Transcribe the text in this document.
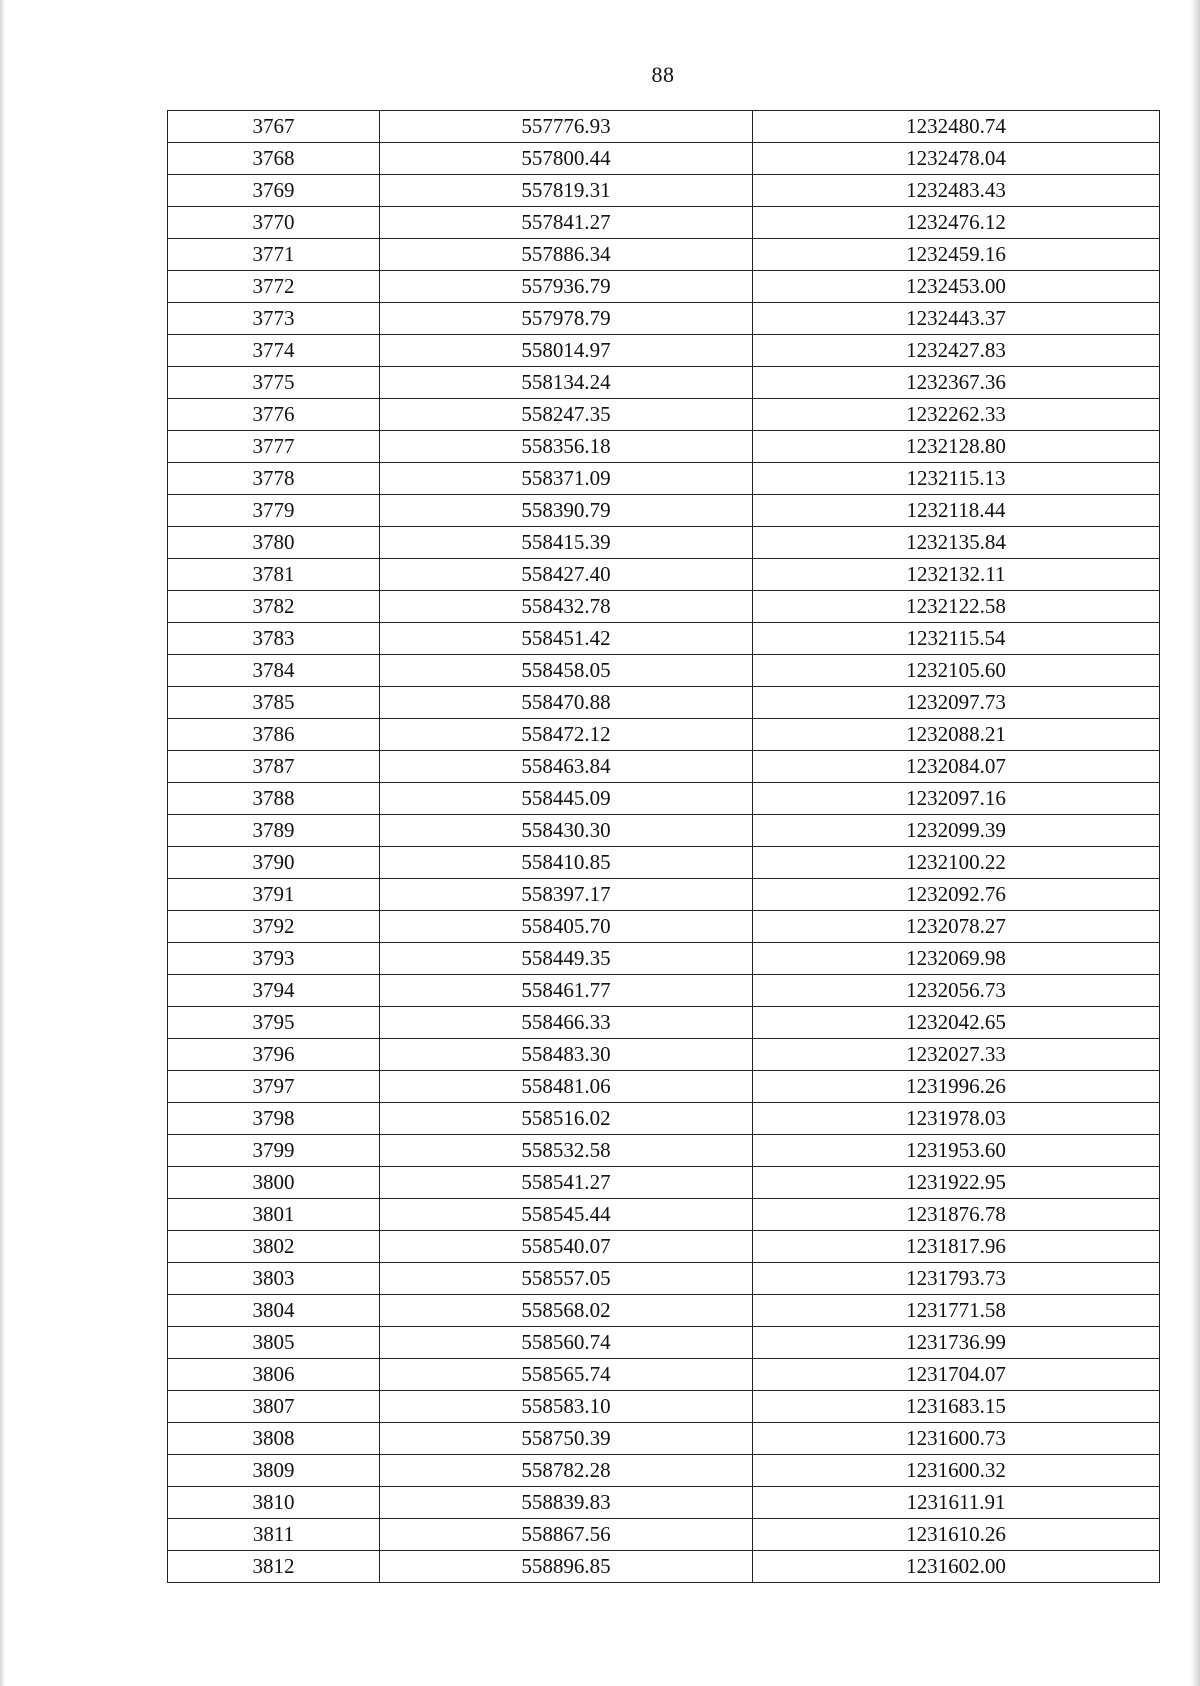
88
3767	557776.93	1232480.74
3768	557800.44	1232478.04
3769	557819.31	1232483.43
3770	557841.27	1232476.12
3771	557886.34	1232459.16
3772	557936.79	1232453.00
3773	557978.79	1232443.37
3774	558014.97	1232427.83
3775	558134.24	1232367.36
3776	558247.35	1232262.33
3777	558356.18	1232128.80
3778	558371.09	1232115.13
3779	558390.79	1232118.44
3780	558415.39	1232135.84
3781	558427.40	1232132.11
3782	558432.78	1232122.58
3783	558451.42	1232115.54
3784	558458.05	1232105.60
3785	558470.88	1232097.73
3786	558472.12	1232088.21
3787	558463.84	1232084.07
3788	558445.09	1232097.16
3789	558430.30	1232099.39
3790	558410.85	1232100.22
3791	558397.17	1232092.76
3792	558405.70	1232078.27
3793	558449.35	1232069.98
3794	558461.77	1232056.73
3795	558466.33	1232042.65
3796	558483.30	1232027.33
3797	558481.06	1231996.26
3798	558516.02	1231978.03
3799	558532.58	1231953.60
3800	558541.27	1231922.95
3801	558545.44	1231876.78
3802	558540.07	1231817.96
3803	558557.05	1231793.73
3804	558568.02	1231771.58
3805	558560.74	1231736.99
3806	558565.74	1231704.07
3807	558583.10	1231683.15
3808	558750.39	1231600.73
3809	558782.28	1231600.32
3810	558839.83	1231611.91
3811	558867.56	1231610.26
3812	558896.85	1231602.00
